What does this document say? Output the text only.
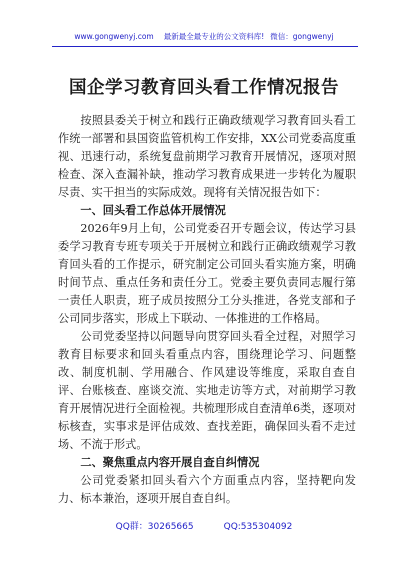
www.gongwenyj.com 最新最全最专业的公文资料库! 微信：gongwenyj
国企学习教育回头看工作情况报告

按照县委关于树立和践行正确政绩观学习教育回头看工作统一部署和县国资监管机构工作安排，XX公司党委高度重视、迅速行动，系统复盘前期学习教育开展情况，逐项对照检查、深入查漏补缺，推动学习教育成果进一步转化为履职尽责、实干担当的实际成效。现将有关情况报告如下：

一、回头看工作总体开展情况

2026年9月上旬，公司党委召开专题会议，传达学习县委学习教育专班专项关于开展树立和践行正确政绩观学习教育回头看的工作提示，研究制定公司回头看实施方案，明确时间节点、重点任务和责任分工。党委主要负责同志履行第一责任人职责，班子成员按照分工分头推进，各党支部和子公司同步落实，形成上下联动、一体推进的工作格局。

公司党委坚持以问题导向贯穿回头看全过程，对照学习教育目标要求和回头看重点内容，围绕理论学习、问题整改、制度机制、学用融合、作风建设等维度，采取自查自评、台账核查、座谈交流、实地走访等方式，对前期学习教育开展情况进行全面检视。共梳理形成自查清单6类，逐项对标核查，实事求是评估成效、查找差距，确保回头看不走过场、不流于形式。

二、聚焦重点内容开展自查自纠情况

公司党委紧扣回头看六个方面重点内容，坚持靶向发力、标本兼治，逐项开展自查自纠。

QQ群：30265665	QQ:535304092
